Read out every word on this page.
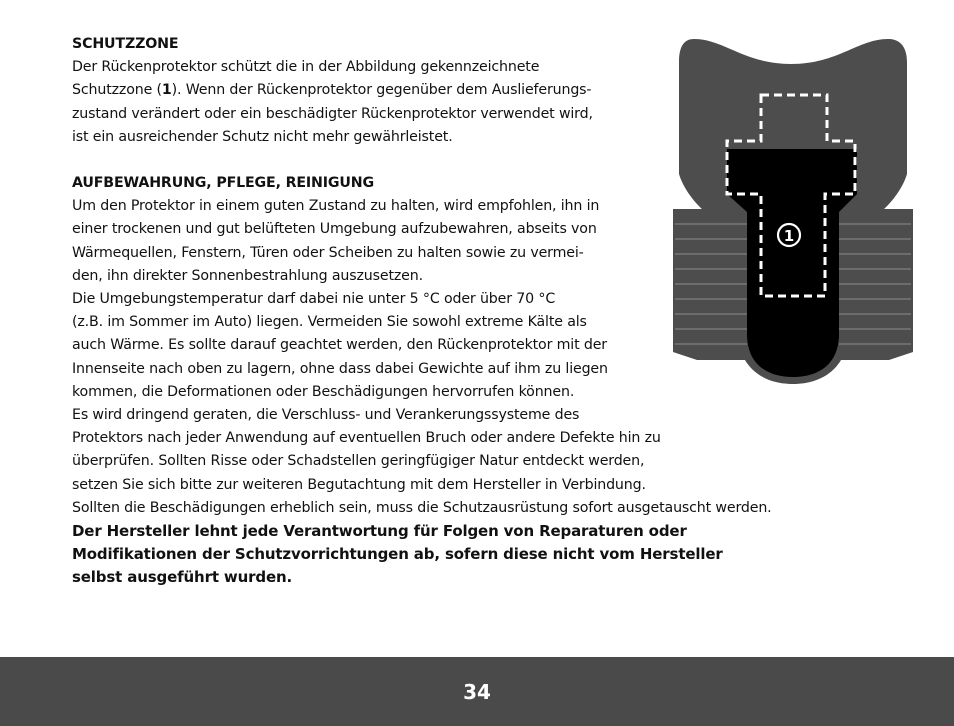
SCHUTZZONE

Der Rückenprotektor schützt die in der Abbildung gekennzeichnete

Schutzzone (1). Wenn der Rückenprotektor gegenüber dem Auslieferungs-

zustand verändert oder ein beschädigter Rückenprotektor verwendet wird,

ist ein ausreichender Schutz nicht mehr gewährleistet.

AUFBEWAHRUNG, PFLEGE, REINIGUNG

Um den Protektor in einem guten Zustand zu halten, wird empfohlen, ihn in

einer trockenen und gut belüfteten Umgebung aufzubewahren, abseits von

Wärmequellen, Fenstern, Türen oder Scheiben zu halten sowie zu vermei-

den, ihn direkter Sonnenbestrahlung auszusetzen.

Die Umgebungstemperatur darf dabei nie unter 5 °C oder über 70 °C

(z.B. im Sommer im Auto) liegen. Vermeiden Sie sowohl extreme Kälte als

auch Wärme. Es sollte darauf geachtet werden, den Rückenprotektor mit der

Innenseite nach oben zu lagern, ohne dass dabei Gewichte auf ihm zu liegen

kommen, die Deformationen oder Beschädigungen hervorrufen können.

Es wird dringend geraten, die Verschluss- und Verankerungssysteme des

Protektors nach jeder Anwendung auf eventuellen Bruch oder andere Defekte hin zu

überprüfen. Sollten Risse oder Schadstellen geringfügiger Natur entdeckt werden,

setzen Sie sich bitte zur weiteren Begutachtung mit dem Hersteller in Verbindung.

Sollten die Beschädigungen erheblich sein, muss die Schutzausrüstung sofort ausgetauscht werden.

Der Hersteller lehnt jede Verantwortung für Folgen von Reparaturen oder

Modifikationen der Schutzvorrichtungen ab, sofern diese nicht vom Hersteller

selbst ausgeführt wurden.

1
34
